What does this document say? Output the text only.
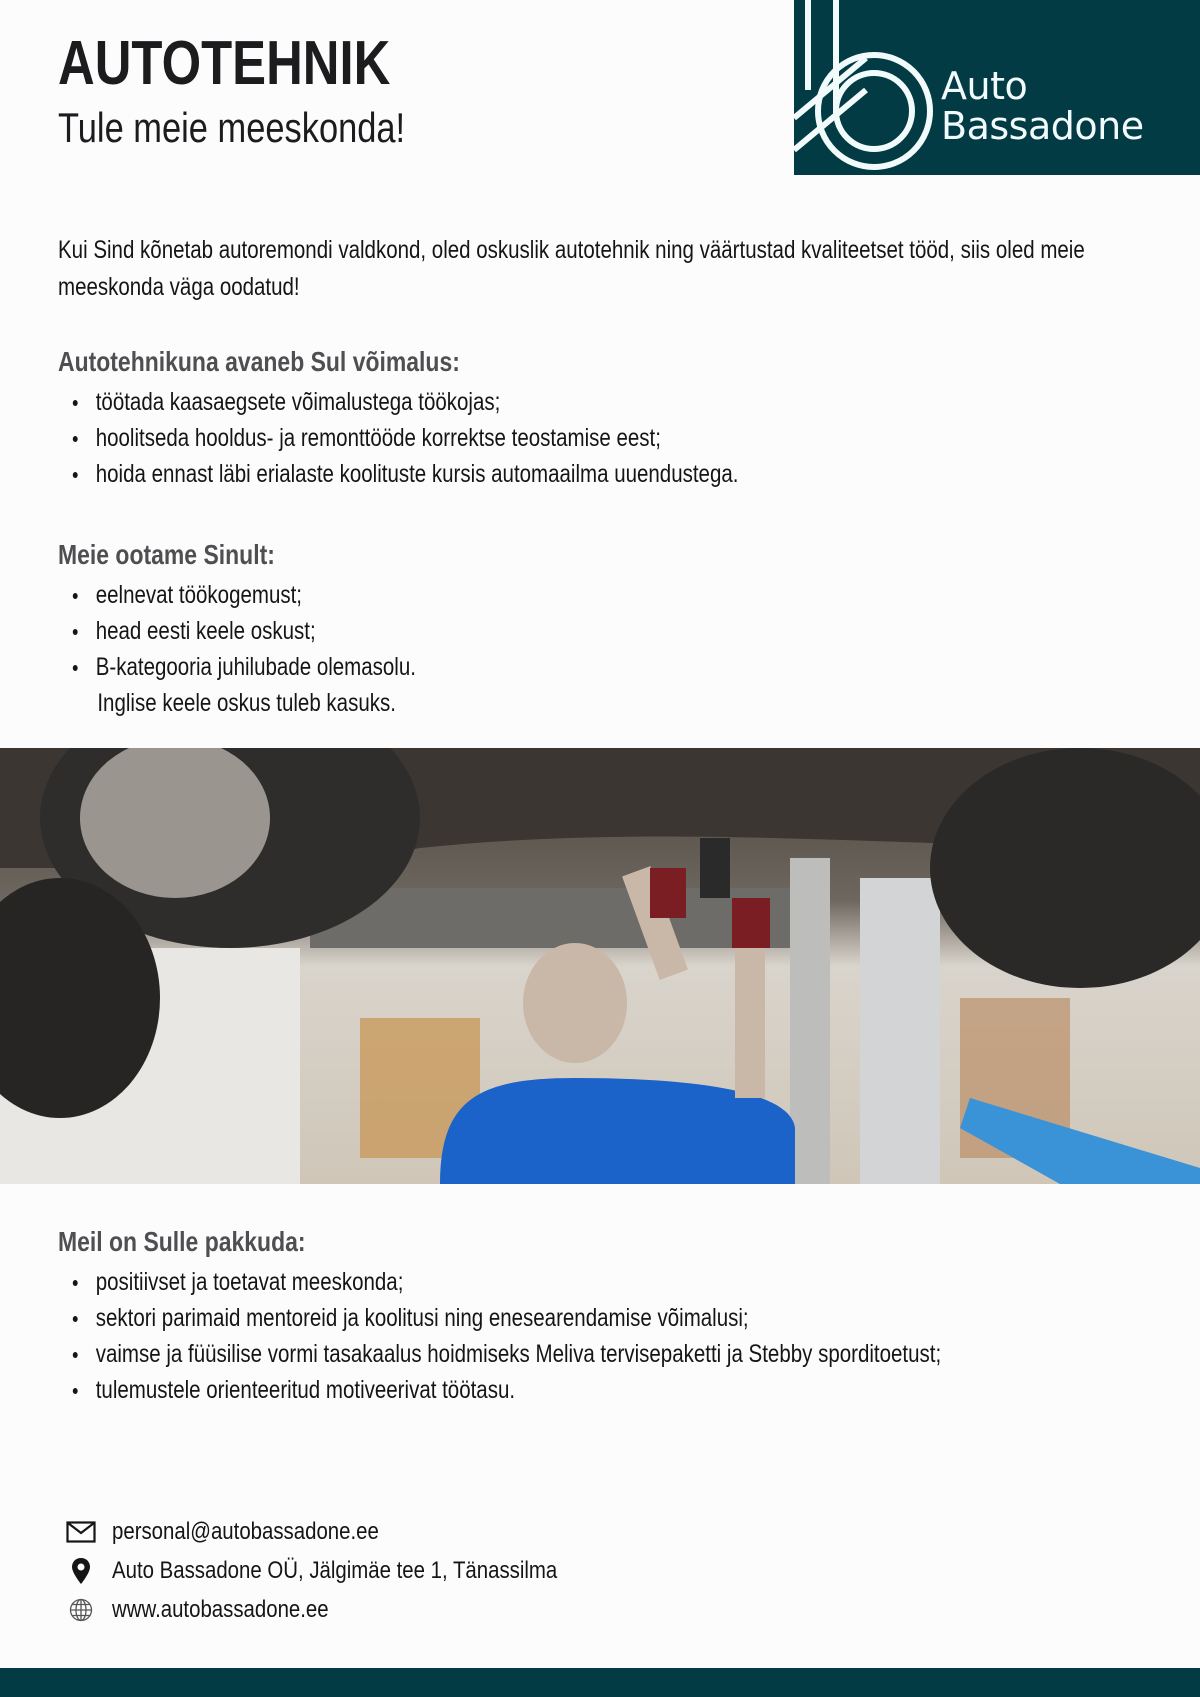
AUTOTEHNIK
Tule meie meeskonda!
Auto
Bassadone
Kui Sind kõnetab autoremondi valdkond, oled oskuslik autotehnik ning väärtustad kvaliteetset tööd, siis oled meie meeskonda väga oodatud!
Autotehnikuna avaneb Sul võimalus:
töötada kaasaegsete võimalustega töökojas;
hoolitseda hooldus- ja remonttööde korrektse teostamise eest;
hoida ennast läbi erialaste koolituste kursis automaailma uuendustega.
Meie ootame Sinult:
eelnevat töökogemust;
head eesti keele oskust;
B-kategooria juhilubade olemasolu.
Inglise keele oskus tuleb kasuks.
Meil on Sulle pakkuda:
positiivset ja toetavat meeskonda;
sektori parimaid mentoreid ja koolitusi ning enesearendamise võimalusi;
vaimse ja füüsilise vormi tasakaalus hoidmiseks Meliva tervisepaketti ja Stebby sporditoetust;
tulemustele orienteeritud motiveerivat töötasu.
personal@autobassadone.ee
Auto Bassadone OÜ, Jälgimäe tee 1, Tänassilma
www.autobassadone.ee
